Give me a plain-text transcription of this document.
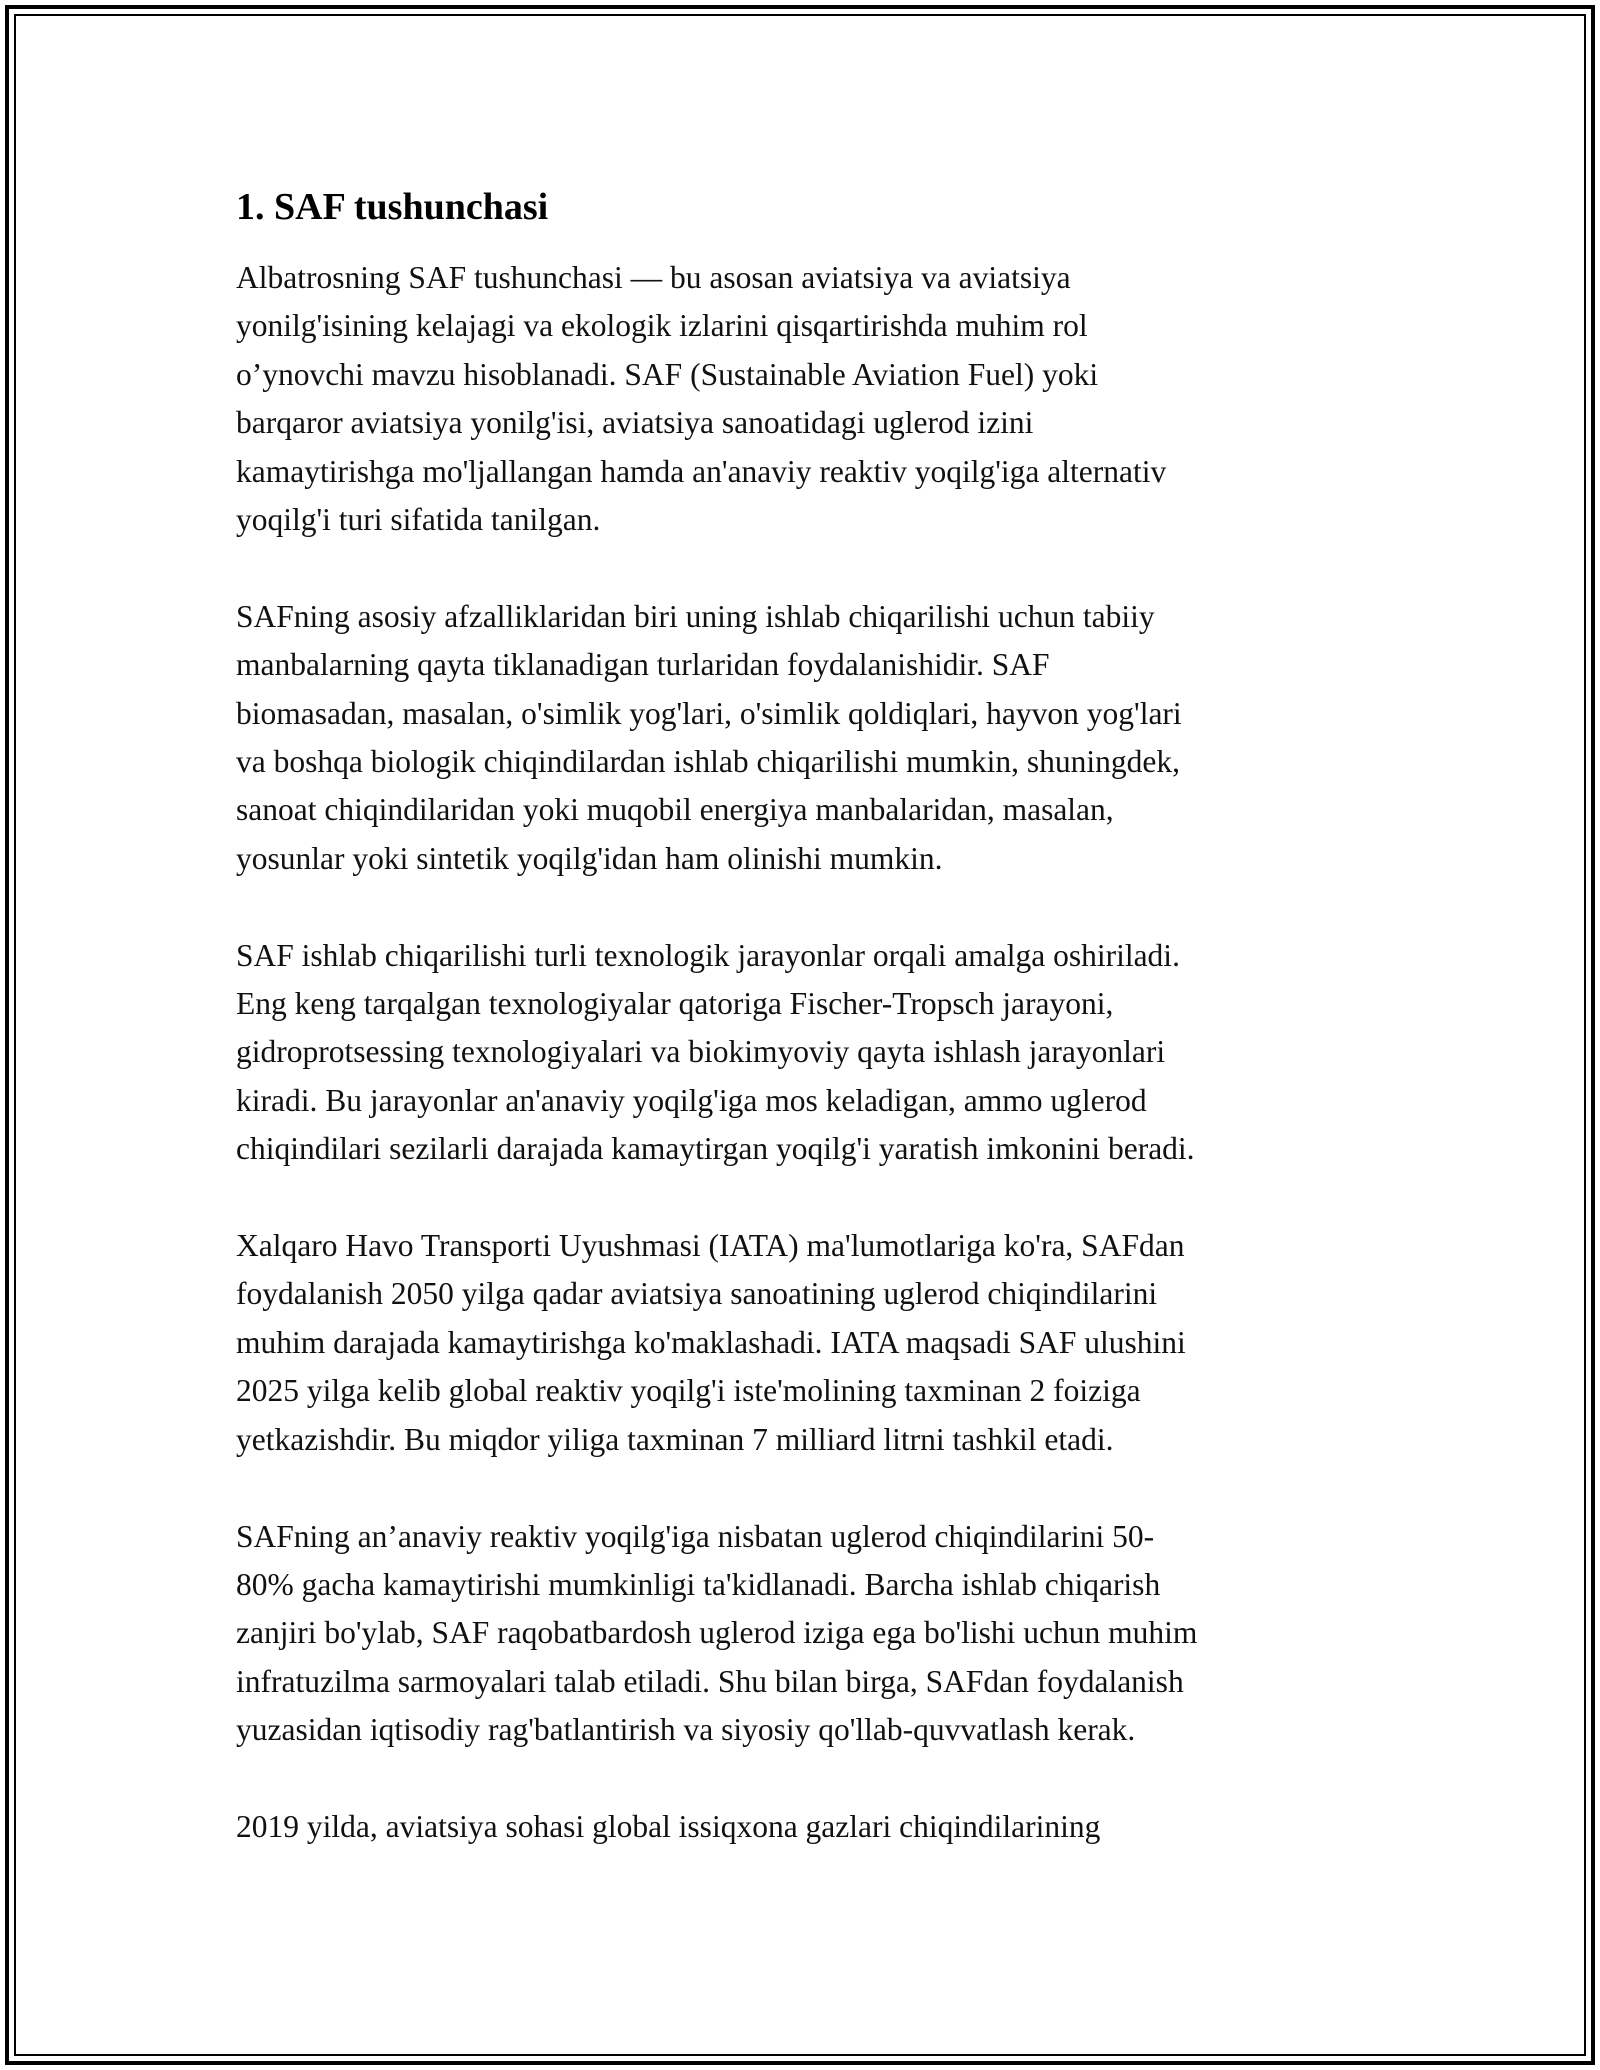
1. SAF tushunchasi

Albatrosning SAF tushunchasi — bu asosan aviatsiya va aviatsiya
yonilg'isining kelajagi va ekologik izlarini qisqartirishda muhim rol
o’ynovchi mavzu hisoblanadi. SAF (Sustainable Aviation Fuel) yoki
barqaror aviatsiya yonilg'isi, aviatsiya sanoatidagi uglerod izini
kamaytirishga mo'ljallangan hamda an'anaviy reaktiv yoqilg'iga alternativ
yoqilg'i turi sifatida tanilgan.

SAFning asosiy afzalliklaridan biri uning ishlab chiqarilishi uchun tabiiy
manbalarning qayta tiklanadigan turlaridan foydalanishidir. SAF
biomasadan, masalan, o'simlik yog'lari, o'simlik qoldiqlari, hayvon yog'lari
va boshqa biologik chiqindilardan ishlab chiqarilishi mumkin, shuningdek,
sanoat chiqindilaridan yoki muqobil energiya manbalaridan, masalan,
yosunlar yoki sintetik yoqilg'idan ham olinishi mumkin.

SAF ishlab chiqarilishi turli texnologik jarayonlar orqali amalga oshiriladi.
Eng keng tarqalgan texnologiyalar qatoriga Fischer-Tropsch jarayoni,
gidroprotsessing texnologiyalari va biokimyoviy qayta ishlash jarayonlari
kiradi. Bu jarayonlar an'anaviy yoqilg'iga mos keladigan, ammo uglerod
chiqindilari sezilarli darajada kamaytirgan yoqilg'i yaratish imkonini beradi.

Xalqaro Havo Transporti Uyushmasi (IATA) ma'lumotlariga ko'ra, SAFdan
foydalanish 2050 yilga qadar aviatsiya sanoatining uglerod chiqindilarini
muhim darajada kamaytirishga ko'maklashadi. IATA maqsadi SAF ulushini
2025 yilga kelib global reaktiv yoqilg'i iste'molining taxminan 2 foiziga
yetkazishdir. Bu miqdor yiliga taxminan 7 milliard litrni tashkil etadi.

SAFning an’anaviy reaktiv yoqilg'iga nisbatan uglerod chiqindilarini 50-
80% gacha kamaytirishi mumkinligi ta'kidlanadi. Barcha ishlab chiqarish
zanjiri bo'ylab, SAF raqobatbardosh uglerod iziga ega bo'lishi uchun muhim
infratuzilma sarmoyalari talab etiladi. Shu bilan birga, SAFdan foydalanish
yuzasidan iqtisodiy rag'batlantirish va siyosiy qo'llab-quvvatlash kerak.

2019 yilda, aviatsiya sohasi global issiqxona gazlari chiqindilarining
